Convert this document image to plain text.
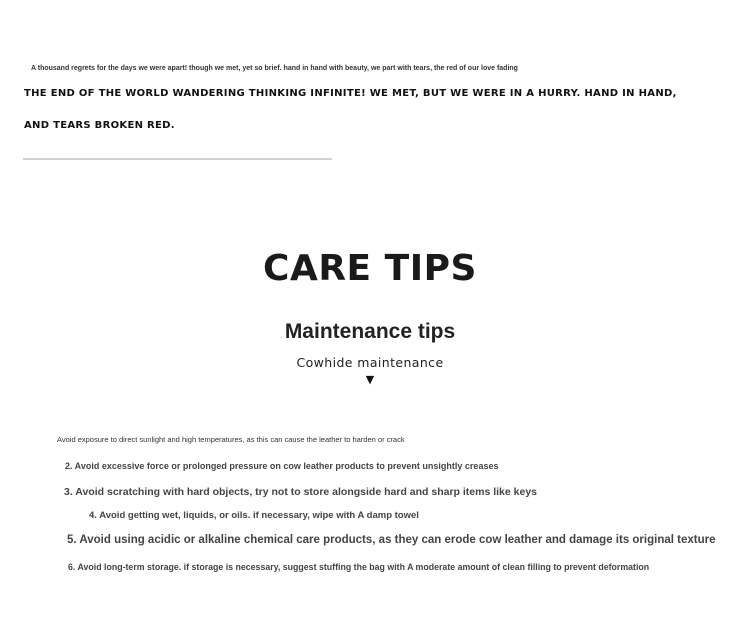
A thousand regrets for the days we were apart! though we met, yet so brief. hand in hand with beauty, we part with tears, the red of our love fading
THE END OF THE WORLD WANDERING THINKING INFINITE! WE MET, BUT WE WERE IN A HURRY. HAND IN HAND,
AND TEARS BROKEN RED.
CARE TIPS
Maintenance tips
Cowhide maintenance
▼
Avoid exposure to direct sunlight and high temperatures, as this can cause the leather to harden or crack
2. Avoid excessive force or prolonged pressure on cow leather products to prevent unsightly creases
3. Avoid scratching with hard objects, try not to store alongside hard and sharp items like keys
4. Avoid getting wet, liquids, or oils. if necessary, wipe with A damp towel
5. Avoid using acidic or alkaline chemical care products, as they can erode cow leather and damage its original texture
6. Avoid long-term storage. if storage is necessary, suggest stuffing the bag with A moderate amount of clean filling to prevent deformation
